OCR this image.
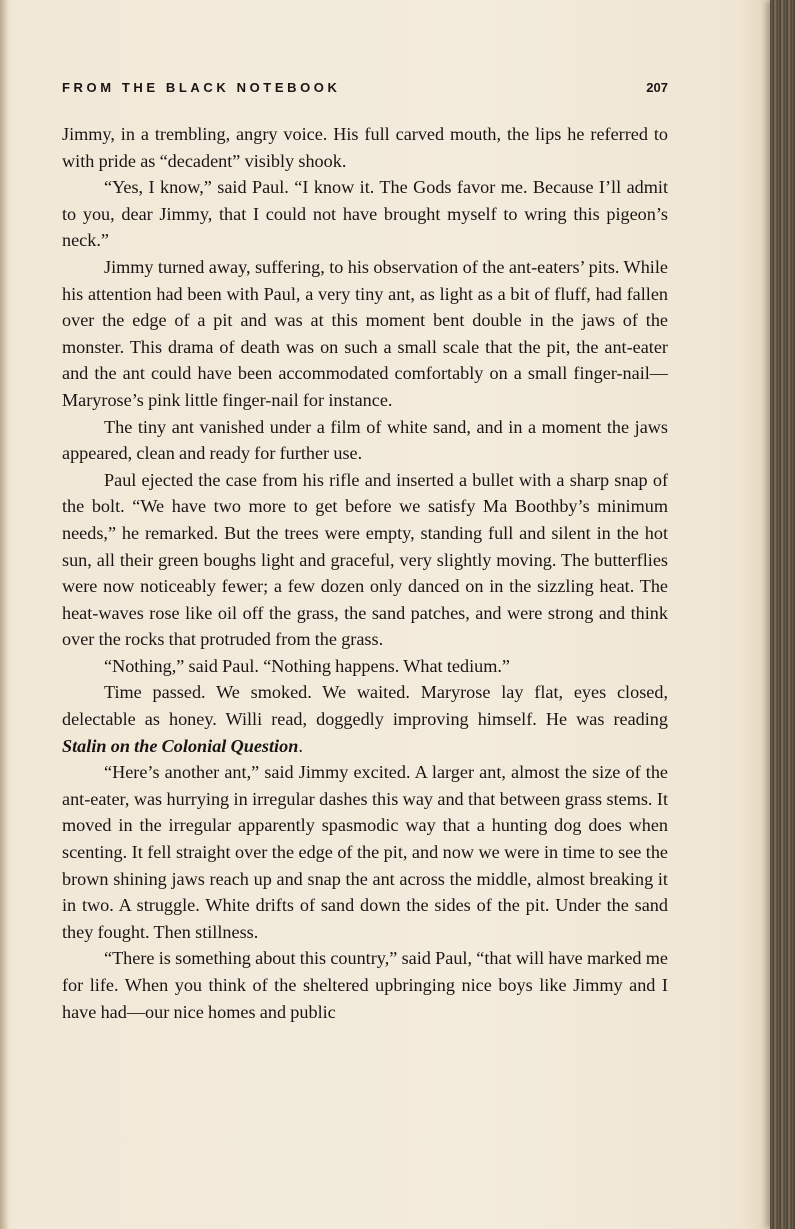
FROM THE BLACK NOTEBOOK	207

Jimmy, in a trembling, angry voice. His full carved mouth, the lips he referred to with pride as “decadent” visibly shook.

“Yes, I know,” said Paul. “I know it. The Gods favor me. Because I’ll admit to you, dear Jimmy, that I could not have brought myself to wring this pigeon’s neck.”

Jimmy turned away, suffering, to his observation of the ant-eaters’ pits. While his attention had been with Paul, a very tiny ant, as light as a bit of fluff, had fallen over the edge of a pit and was at this moment bent double in the jaws of the monster. This drama of death was on such a small scale that the pit, the ant-eater and the ant could have been accommodated comfortably on a small finger-nail—Maryrose’s pink little finger-nail for instance.

The tiny ant vanished under a film of white sand, and in a moment the jaws appeared, clean and ready for further use.

Paul ejected the case from his rifle and inserted a bullet with a sharp snap of the bolt. “We have two more to get before we satisfy Ma Boothby’s minimum needs,” he remarked. But the trees were empty, standing full and silent in the hot sun, all their green boughs light and graceful, very slightly moving. The butterflies were now noticeably fewer; a few dozen only danced on in the sizzling heat. The heat-waves rose like oil off the grass, the sand patches, and were strong and think over the rocks that protruded from the grass.

“Nothing,” said Paul. “Nothing happens. What tedium.”

Time passed. We smoked. We waited. Maryrose lay flat, eyes closed, delectable as honey. Willi read, doggedly improving himself. He was reading Stalin on the Colonial Question.

“Here’s another ant,” said Jimmy excited. A larger ant, almost the size of the ant-eater, was hurrying in irregular dashes this way and that between grass stems. It moved in the irregular apparently spasmodic way that a hunting dog does when scenting. It fell straight over the edge of the pit, and now we were in time to see the brown shining jaws reach up and snap the ant across the middle, almost breaking it in two. A struggle. White drifts of sand down the sides of the pit. Under the sand they fought. Then stillness.

“There is something about this country,” said Paul, “that will have marked me for life. When you think of the sheltered upbringing nice boys like Jimmy and I have had—our nice homes and public
